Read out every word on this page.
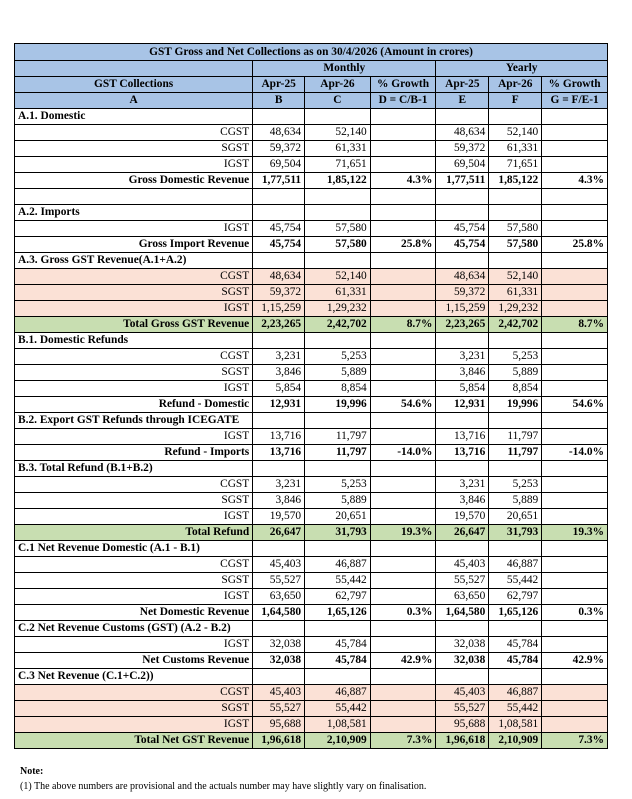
GST Gross and Net Collections as on 30/4/2026 (Amount in crores)						
	Monthly			Yearly		
GST Collections	Apr-25	Apr-26	% Growth	Apr-25	Apr-26	% Growth
A	B	C	D = C/B-1	E	F	G = F/E-1
A.1. Domestic						
CGST	48,634	52,140		48,634	52,140	
SGST	59,372	61,331		59,372	61,331	
IGST	69,504	71,651		69,504	71,651	
Gross Domestic Revenue	1,77,511	1,85,122	4.3%	1,77,511	1,85,122	4.3%

A.2. Imports						
IGST	45,754	57,580		45,754	57,580	
Gross Import Revenue	45,754	57,580	25.8%	45,754	57,580	25.8%
A.3. Gross GST Revenue(A.1+A.2)						
CGST	48,634	52,140		48,634	52,140	
SGST	59,372	61,331		59,372	61,331	
IGST	1,15,259	1,29,232		1,15,259	1,29,232	
Total Gross GST Revenue	2,23,265	2,42,702	8.7%	2,23,265	2,42,702	8.7%
B.1. Domestic Refunds						
CGST	3,231	5,253		3,231	5,253	
SGST	3,846	5,889		3,846	5,889	
IGST	5,854	8,854		5,854	8,854	
Refund - Domestic	12,931	19,996	54.6%	12,931	19,996	54.6%
B.2. Export GST Refunds through ICEGATE						
IGST	13,716	11,797		13,716	11,797	
Refund - Imports	13,716	11,797	-14.0%	13,716	11,797	-14.0%
B.3. Total Refund (B.1+B.2)						
CGST	3,231	5,253		3,231	5,253	
SGST	3,846	5,889		3,846	5,889	
IGST	19,570	20,651		19,570	20,651	
Total Refund	26,647	31,793	19.3%	26,647	31,793	19.3%
C.1 Net Revenue Domestic (A.1 - B.1)						
CGST	45,403	46,887		45,403	46,887	
SGST	55,527	55,442		55,527	55,442	
IGST	63,650	62,797		63,650	62,797	
Net Domestic Revenue	1,64,580	1,65,126	0.3%	1,64,580	1,65,126	0.3%
C.2 Net Revenue Customs (GST) (A.2 - B.2)						
IGST	32,038	45,784		32,038	45,784	
Net Customs Revenue	32,038	45,784	42.9%	32,038	45,784	42.9%
C.3 Net Revenue (C.1+C.2))						
CGST	45,403	46,887		45,403	46,887	
SGST	55,527	55,442		55,527	55,442	
IGST	95,688	1,08,581		95,688	1,08,581	
Total Net GST Revenue	1,96,618	2,10,909	7.3%	1,96,618	2,10,909	7.3%
Note:
(1) The above numbers are provisional and the actuals number may have slightly vary on finalisation.
